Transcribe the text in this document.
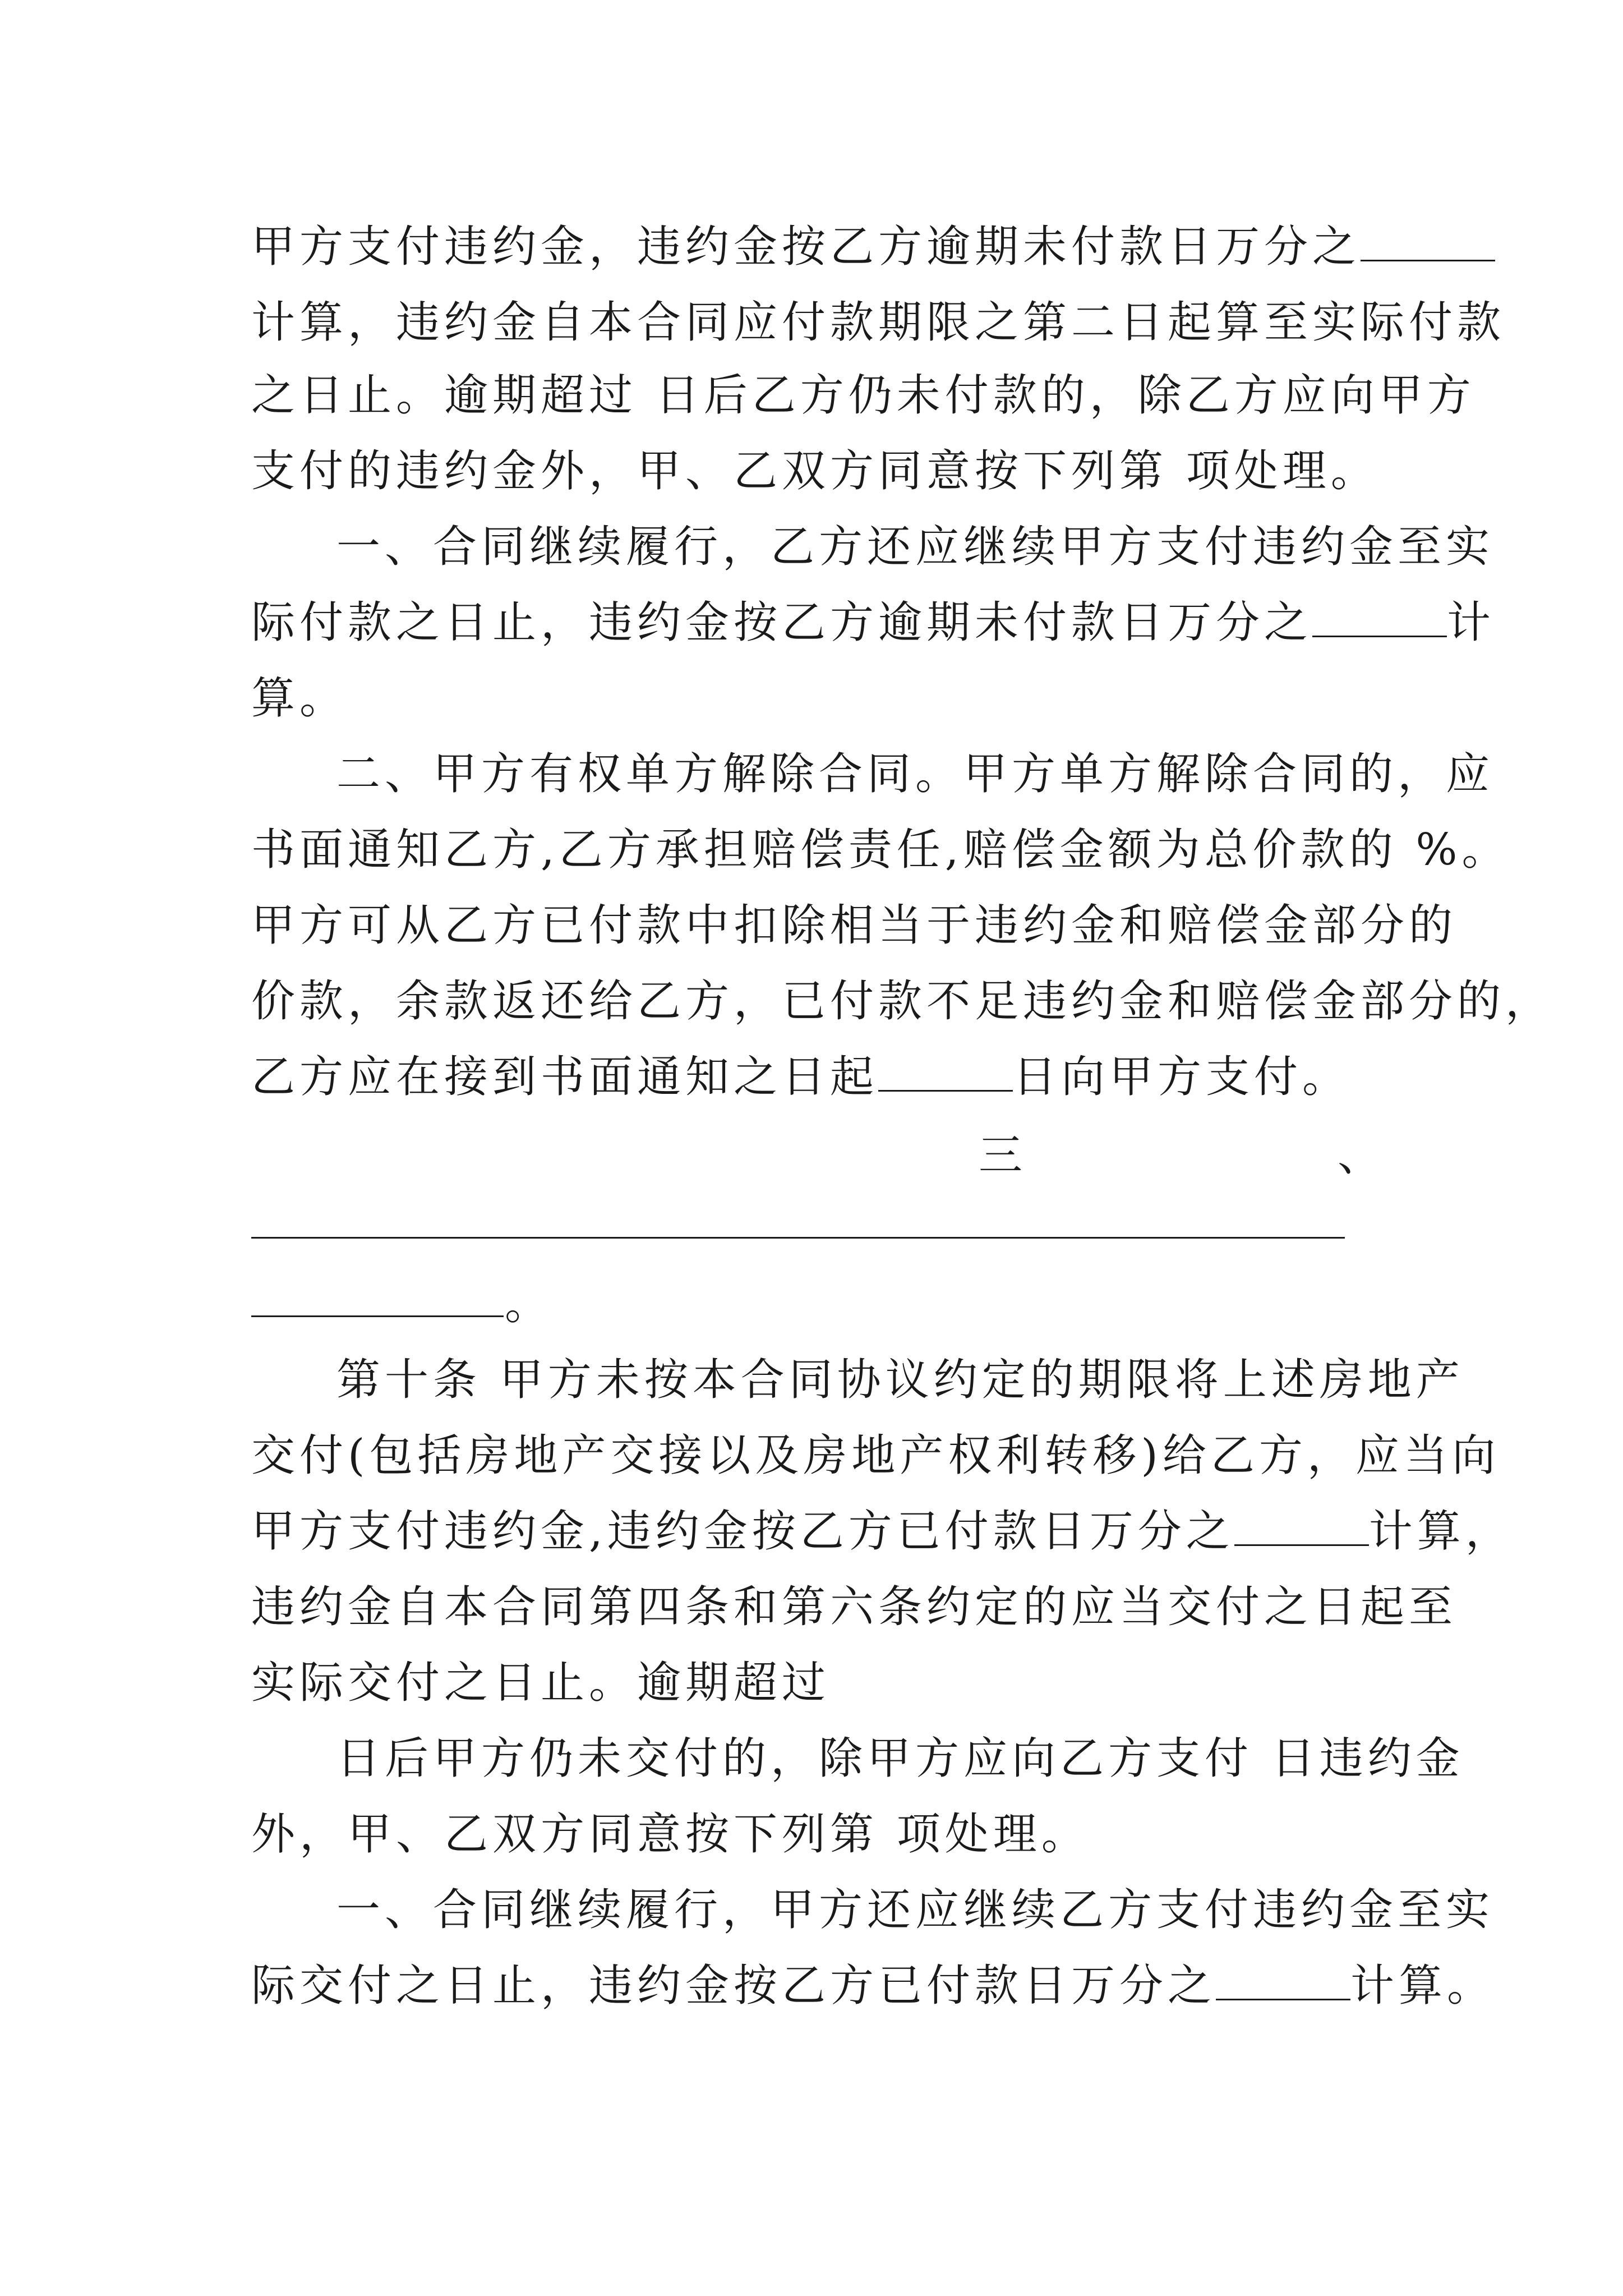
甲方支付违约金，违约金按乙方逾期未付款日万分之
计算，违约金自本合同应付款期限之第二日起算至实际付款
之日止。逾期超过 日后乙方仍未付款的，除乙方应向甲方
支付的违约金外，甲、乙双方同意按下列第 项处理。
一、合同继续履行，乙方还应继续甲方支付违约金至实
际付款之日止，违约金按乙方逾期未付款日万分之	计
算。
二、甲方有权单方解除合同。甲方单方解除合同的，应
书面通知乙方,乙方承担赔偿责任,赔偿金额为总价款的 %。
甲方可从乙方已付款中扣除相当于违约金和赔偿金部分的
价款，余款返还给乙方，已付款不足违约金和赔偿金部分的，
乙方应在接到书面通知之日起	日向甲方支付。
三	、
。
第十条 甲方未按本合同协议约定的期限将上述房地产
交付(包括房地产交接以及房地产权利转移)给乙方，应当向
甲方支付违约金,违约金按乙方已付款日万分之	计算，
违约金自本合同第四条和第六条约定的应当交付之日起至
实际交付之日止。逾期超过
日后甲方仍未交付的，除甲方应向乙方支付 日违约金
外，甲、乙双方同意按下列第 项处理。
一、合同继续履行，甲方还应继续乙方支付违约金至实
际交付之日止，违约金按乙方已付款日万分之	计算。
